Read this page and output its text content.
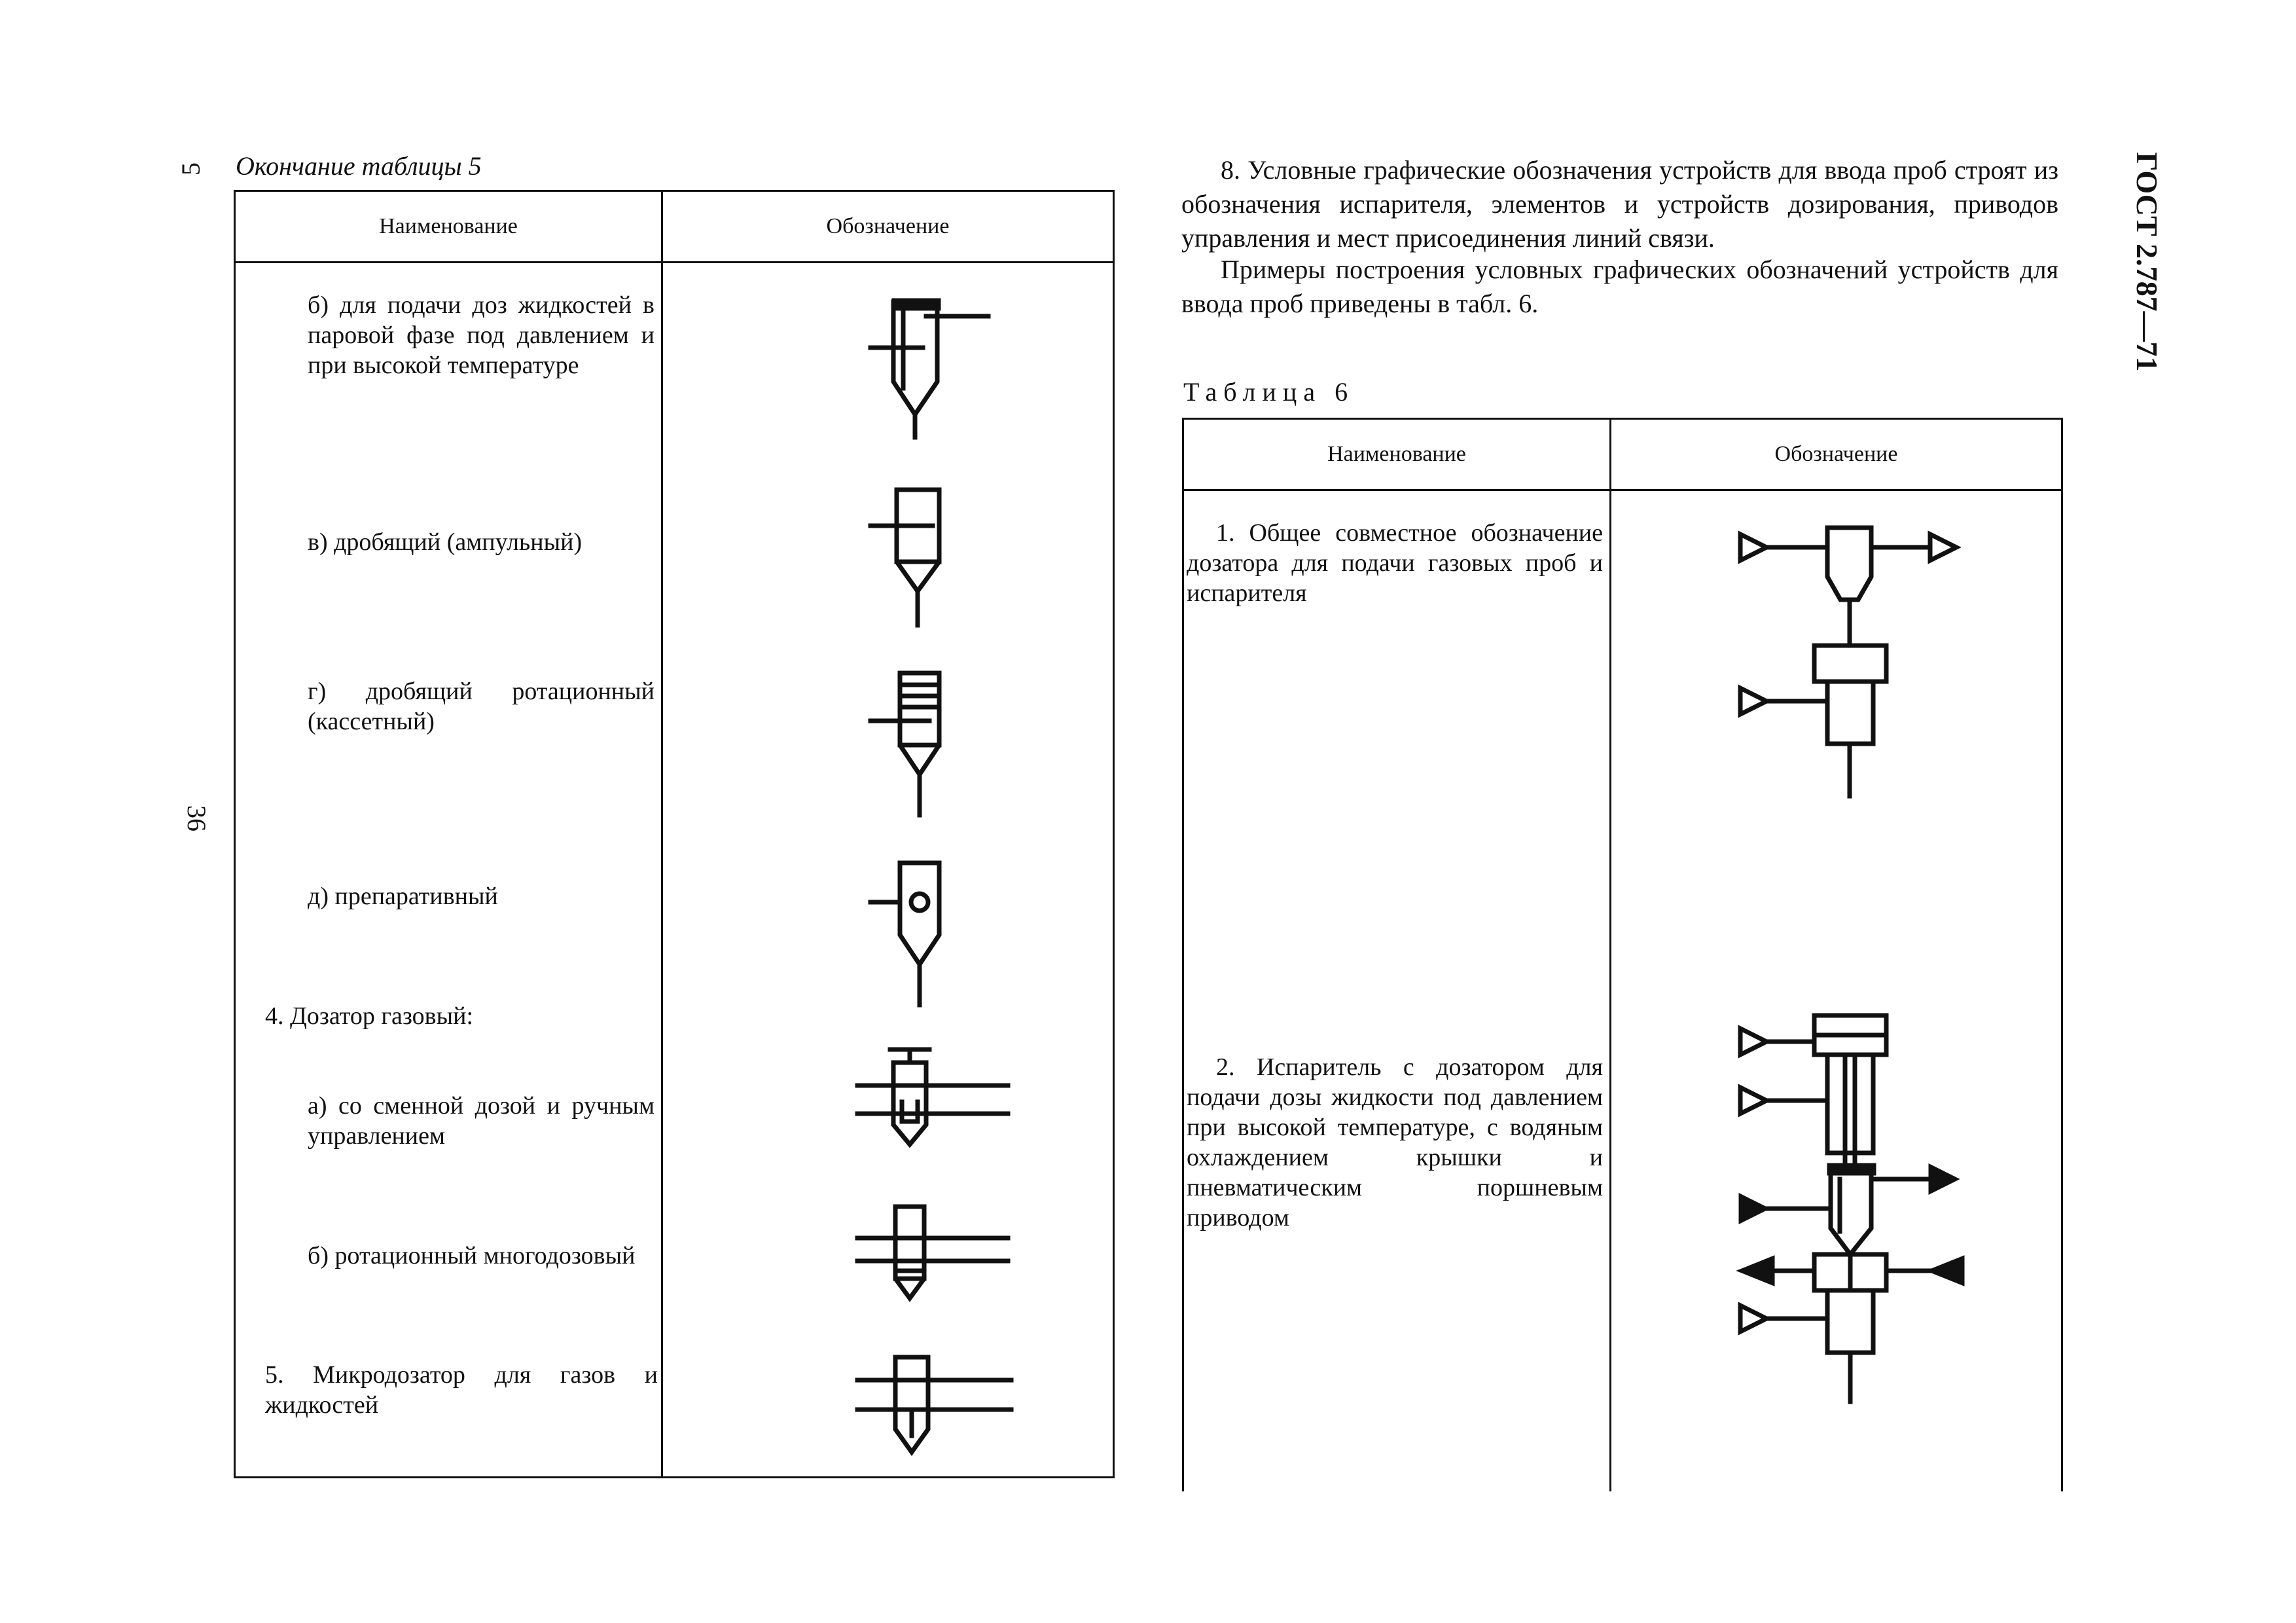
5
36
ГОСТ 2.787—71
Окончание таблицы 5
Наименование	Обозначение
б) для подачи доз жидкостей в паровой фазе под давлением и при высокой температуре
в) дробящий (ампульный)
г) дробящий ротационный (кассетный)
д) препаративный
4. Дозатор газовый:
а) со сменной дозой и ручным управлением
б) ротационный многодозовый
5. Микродозатор для газов и жидкостей
8. Условные графические обозначения устройств для ввода проб строят из обозначения испарителя, элементов и устройств дозирования, приводов управления и мест присоединения линий связи.
Примеры построения условных графических обозначений устройств для ввода проб приведены в табл. 6.
Таблица 6
Наименование	Обозначение
1. Общее совместное обозначение дозатора для подачи газовых проб и испарителя
2. Испаритель с дозатором для подачи дозы жидкости под давлением при высокой температуре, с водяным охлаждением крышки и пневматическим поршневым приводом
